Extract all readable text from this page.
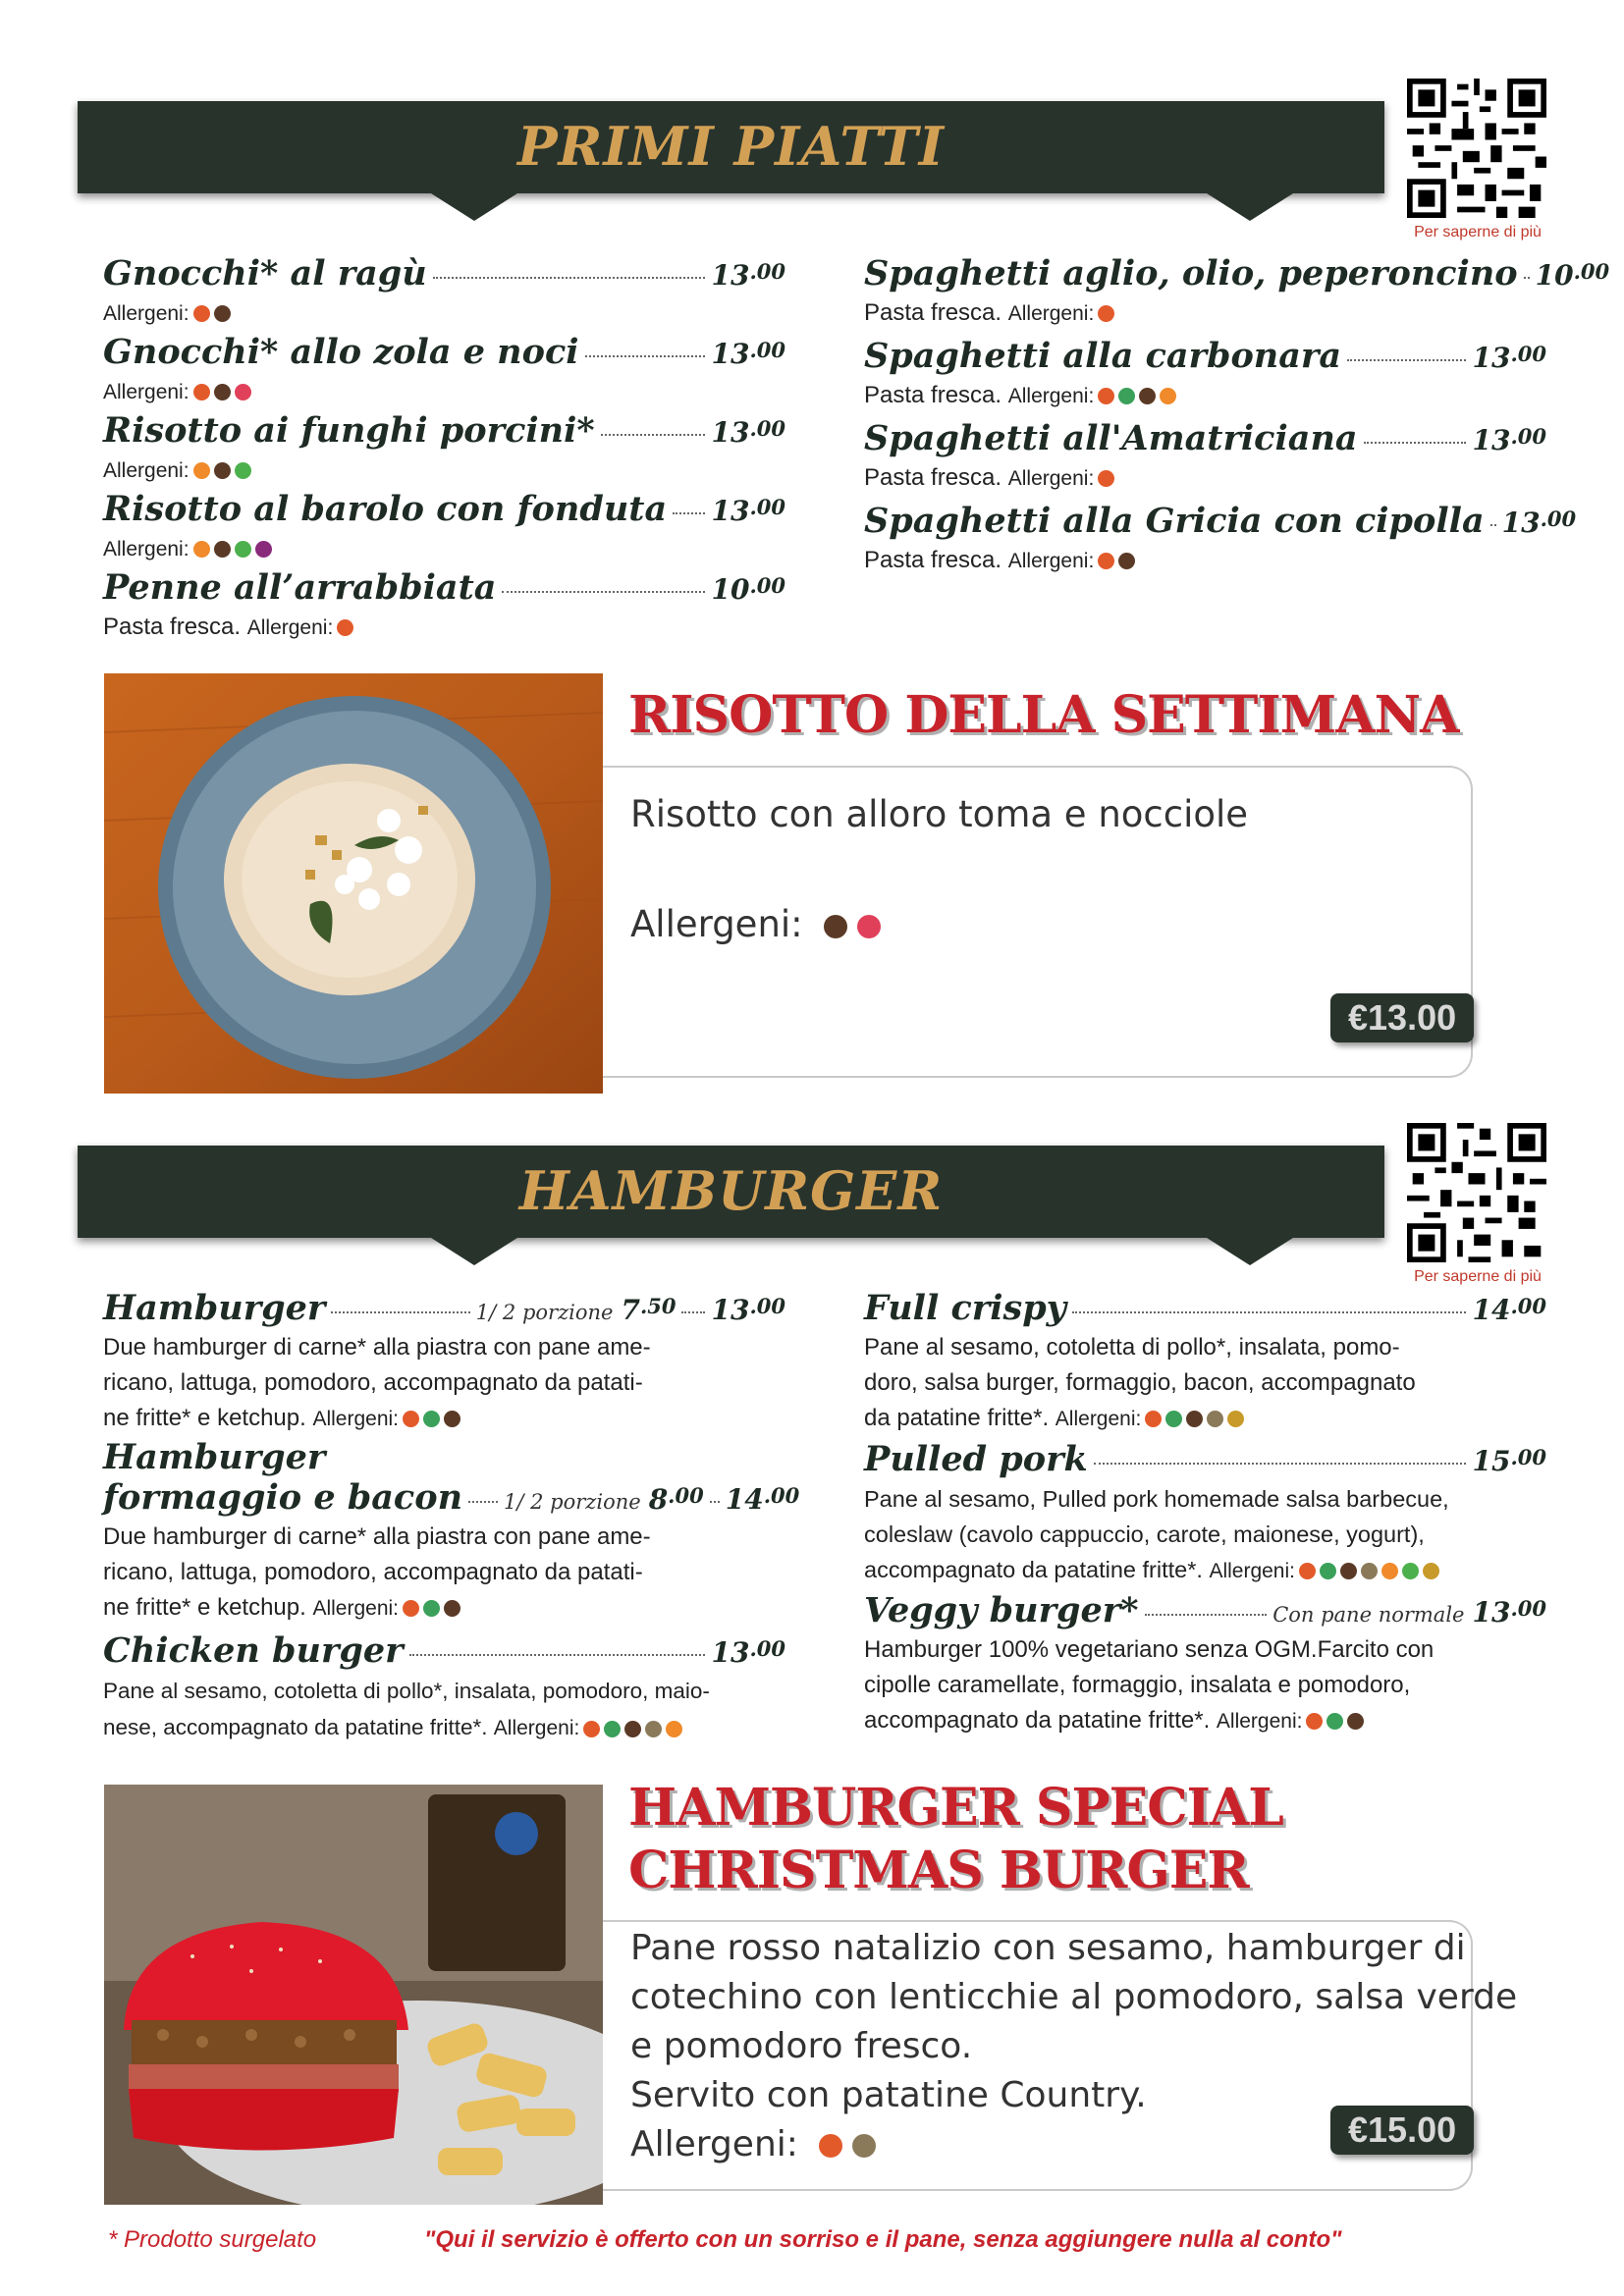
PRIMI PIATTI
Per saperne di più
Gnocchi* al ragù	$13^{.00}$
Allergeni:
Gnocchi* allo zola e noci	$13^{.00}$
Allergeni:
Risotto ai funghi porcini*	$13^{.00}$
Allergeni:
Risotto al barolo con fonduta $13^{.00}$
Allergeni:
Penne all’arrabbiata	$10^{.00}$
Pasta fresca. Allergeni:
Spaghetti aglio, olio, peperoncino $10^{.00}$
Pasta fresca. Allergeni:
Spaghetti alla carbonara	$13^{.00}$
Pasta fresca. Allergeni:
Spaghetti all'Amatriciana	$13^{.00}$
Pasta fresca. Allergeni:
Spaghetti alla Gricia con cipolla $13^{.00}$
Pasta fresca. Allergeni:
RISOTTO DELLA SETTIMANA
Risotto con alloro toma e nocciole
Allergeni:
€13.00
HAMBURGER
Per saperne di più
Hamburger	1/ 2 porzione $7^{.50}$ $13^{.00}$
Due hamburger di carne* alla piastra con pane ame-
ricano, lattuga, pomodoro, accompagnato da patati-
ne fritte* e ketchup. Allergeni:
Hamburger
formaggio e bacon 1/ 2 porzione $8^{.00}$ $14^{.00}$
Due hamburger di carne* alla piastra con pane ame-
ricano, lattuga, pomodoro, accompagnato da patati-
ne fritte* e ketchup. Allergeni:
Chicken burger	$13^{.00}$
Pane al sesamo, cotoletta di pollo*, insalata, pomodoro, maio-
nese, accompagnato da patatine fritte*. Allergeni:
Full crispy	$14^{.00}$
Pane al sesamo, cotoletta di pollo*, insalata, pomo-
doro, salsa burger, formaggio, bacon, accompagnato
da patatine fritte*. Allergeni:
Pulled pork	$15^{.00}$
Pane al sesamo, Pulled pork homemade salsa barbecue,
coleslaw (cavolo cappuccio, carote, maionese, yogurt),
accompagnato da patatine fritte*. Allergeni:
Veggy burger*	Con pane normale $13^{.00}$
Hamburger 100% vegetariano senza OGM.Farcito con
cipolle caramellate, formaggio, insalata e pomodoro,
accompagnato da patatine fritte*. Allergeni:
HAMBURGER SPECIAL
CHRISTMAS BURGER
Pane rosso natalizio con sesamo, hamburger di
cotechino con lenticchie al pomodoro, salsa verde
e pomodoro fresco.
Servito con patatine Country.
Allergeni:	€15.00
* Prodotto surgelato	"Qui il servizio è offerto con un sorriso e il pane, senza aggiungere nulla al conto"
